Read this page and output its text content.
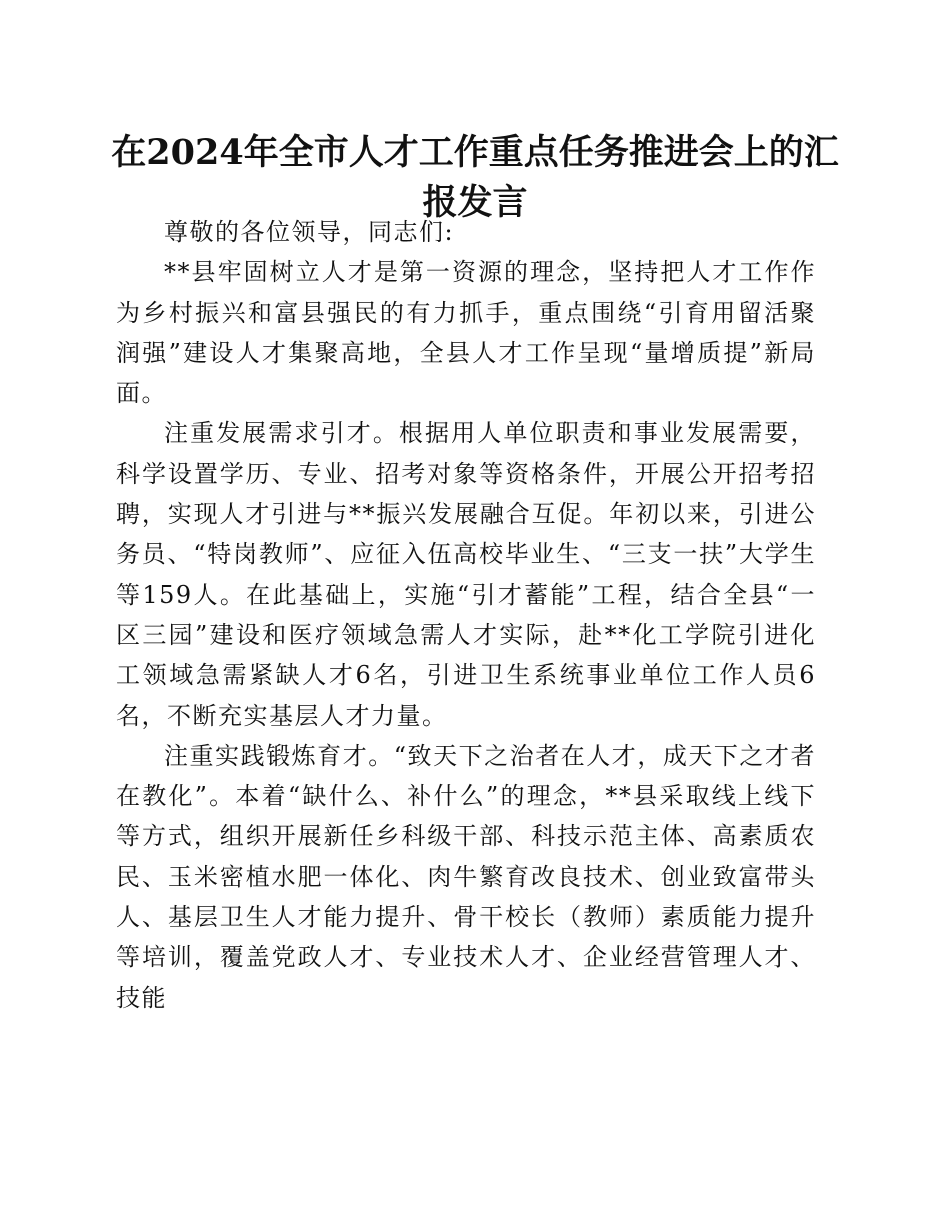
在2024年全市人才工作重点任务推进会上的汇报发言

尊敬的各位领导，同志们:

**县牢固树立人才是第一资源的理念，坚持把人才工作作为乡村振兴和富县强民的有力抓手，重点围绕“引育用留活聚润强”建设人才集聚高地，全县人才工作呈现“量增质提”新局面。

注重发展需求引才。根据用人单位职责和事业发展需要，科学设置学历、专业、招考对象等资格条件，开展公开招考招聘，实现人才引进与**振兴发展融合互促。年初以来，引进公务员、“特岗教师”、应征入伍高校毕业生、“三支一扶”大学生等159人。在此基础上，实施“引才蓄能”工程，结合全县“一区三园”建设和医疗领域急需人才实际，赴**化工学院引进化工领域急需紧缺人才6名，引进卫生系统事业单位工作人员6名，不断充实基层人才力量。

注重实践锻炼育才。“致天下之治者在人才，成天下之才者在教化”。本着“缺什么、补什么”的理念，**县采取线上线下等方式，组织开展新任乡科级干部、科技示范主体、高素质农民、玉米密植水肥一体化、肉牛繁育改良技术、创业致富带头人、基层卫生人才能力提升、骨干校长（教师）素质能力提升等培训，覆盖党政人才、专业技术人才、企业经营管理人才、技能
